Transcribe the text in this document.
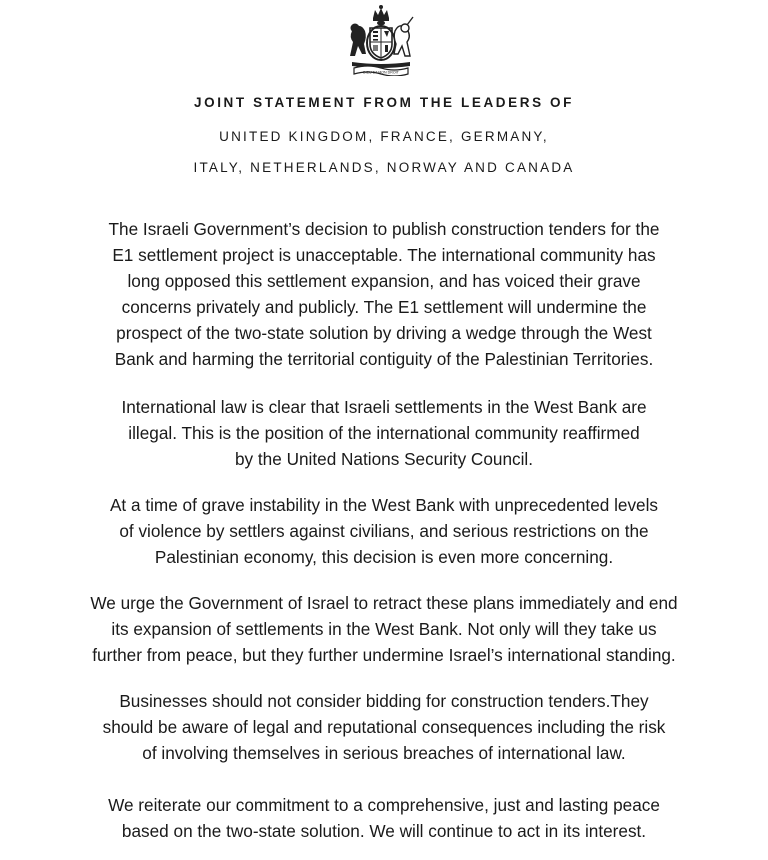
DIEU ET MON DROIT
JOINT STATEMENT FROM THE LEADERS OF
UNITED KINGDOM, FRANCE, GERMANY,
ITALY, NETHERLANDS, NORWAY AND CANADA

The Israeli Government’s decision to publish construction tenders for the
E1 settlement project is unacceptable. The international community has
long opposed this settlement expansion, and has voiced their grave
concerns privately and publicly. The E1 settlement will undermine the
prospect of the two-state solution by driving a wedge through the West
Bank and harming the territorial contiguity of the Palestinian Territories.

International law is clear that Israeli settlements in the West Bank are
illegal. This is the position of the international community reaffirmed
by the United Nations Security Council.

At a time of grave instability in the West Bank with unprecedented levels
of violence by settlers against civilians, and serious restrictions on the
Palestinian economy, this decision is even more concerning.

We urge the Government of Israel to retract these plans immediately and end
its expansion of settlements in the West Bank. Not only will they take us
further from peace, but they further undermine Israel’s international standing.

Businesses should not consider bidding for construction tenders.They
should be aware of legal and reputational consequences including the risk
of involving themselves in serious breaches of international law.

We reiterate our commitment to a comprehensive, just and lasting peace
based on the two-state solution. We will continue to act in its interest.
